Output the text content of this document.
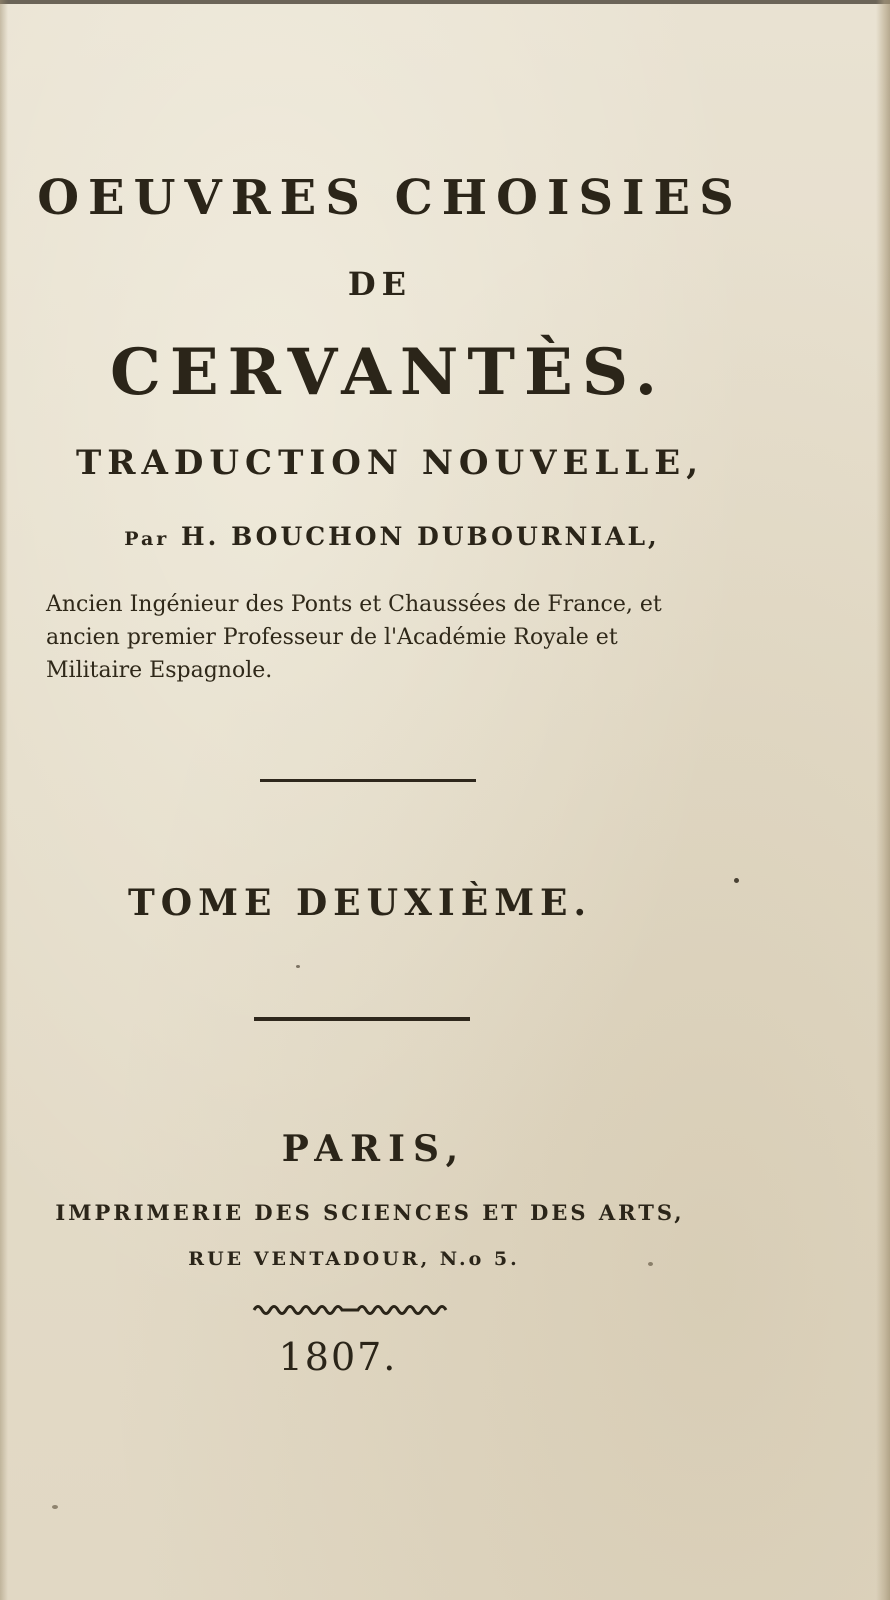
OEUVRES CHOISIES
DE
CERVANTÈS.
TRADUCTION NOUVELLE,
Par H. BOUCHON DUBOURNIAL,
Ancien Ingénieur des Ponts et Chaussées de France, et
ancien premier Professeur de l'Académie Royale et
Militaire Espagnole.
TOME DEUXIÈME.
PARIS,
IMPRIMERIE DES SCIENCES ET DES ARTS,
RUE VENTADOUR, N.o 5.
1807.
